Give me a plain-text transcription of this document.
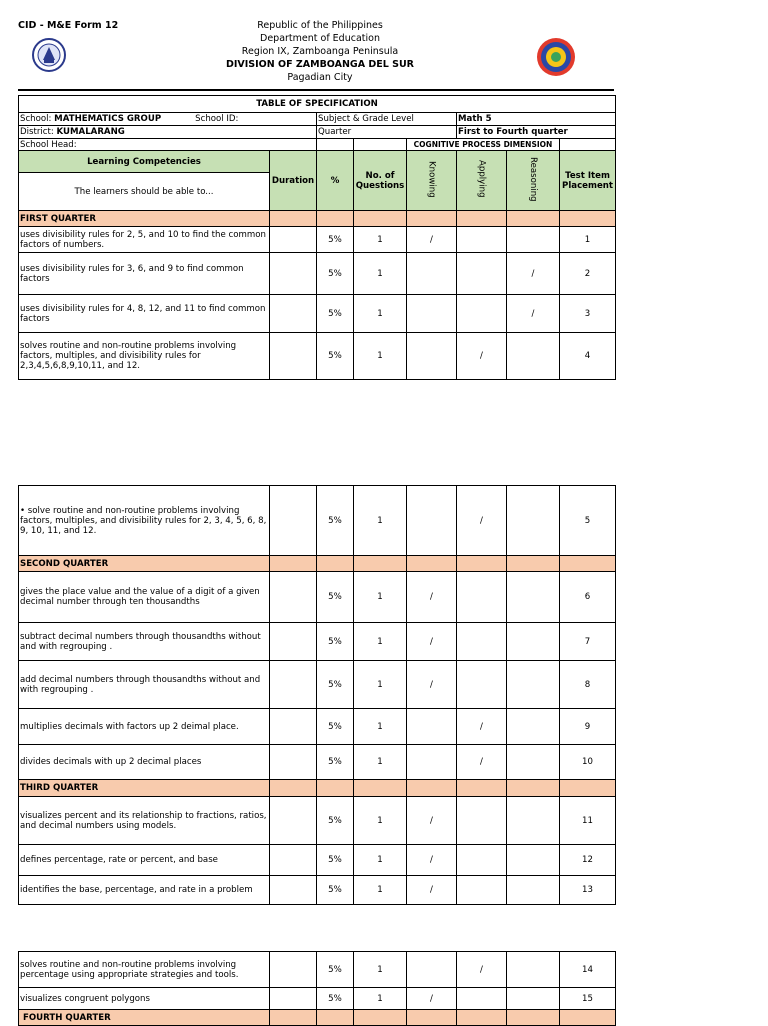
CID - M&E Form 12	Republic of the Philippines
Department of Education
Region IX, Zamboanga Peninsula
DIVISION OF ZAMBOANGA DEL SUR
Pagadian City
TABLE OF SPECIFICATION							
School: MATHEMATICS GROUP School ID:		Subject & Grade Level			Math 5		
District: KUMALARANG		Quarter			First to Fourth quarter		
School Head:				COGNITIVE PROCESS DIMENSION			
Learning Competencies	Duration	%	No. of Questions	Knowing	Applying	Reasoning	Test Item Placement
The learners should be able to...							
FIRST QUARTER							
uses divisibility rules for 2, 5, and 10 to find the common factors of numbers.		5%	1	/			1
uses divisibility rules for 3, 6, and 9 to find common factors		5%	1			/	2
uses divisibility rules for 4, 8, 12, and 11 to find common factors		5%	1			/	3
solves routine and non-routine problems involving factors, multiples, and divisibility rules for 2,3,4,5,6,8,9,10,11, and 12.		5%	1		/		4
• solve routine and non-routine problems involving factors, multiples, and divisibility rules for 2, 3, 4, 5, 6, 8, 9, 10, 11, and 12.		5%	1		/		5
SECOND QUARTER							
gives the place value and the value of a digit of a given decimal number through ten thousandths		5%	1	/			6
subtract decimal numbers through thousandths without and with regrouping .		5%	1	/			7
add decimal numbers through thousandths without and with regrouping .		5%	1	/			8
multiplies decimals with factors up 2 deimal place.		5%	1		/		9
divides decimals with up 2 decimal places		5%	1		/		10
THIRD QUARTER							
visualizes percent and its relationship to fractions, ratios, and decimal numbers using models.		5%	1	/			11
defines percentage, rate or percent, and base		5%	1	/			12
identifies the base, percentage, and rate in a problem		5%	1	/			13
solves routine and non-routine problems involving percentage using appropriate strategies and tools.		5%	1		/		14
visualizes congruent polygons		5%	1	/			15
FOURTH QUARTER							
